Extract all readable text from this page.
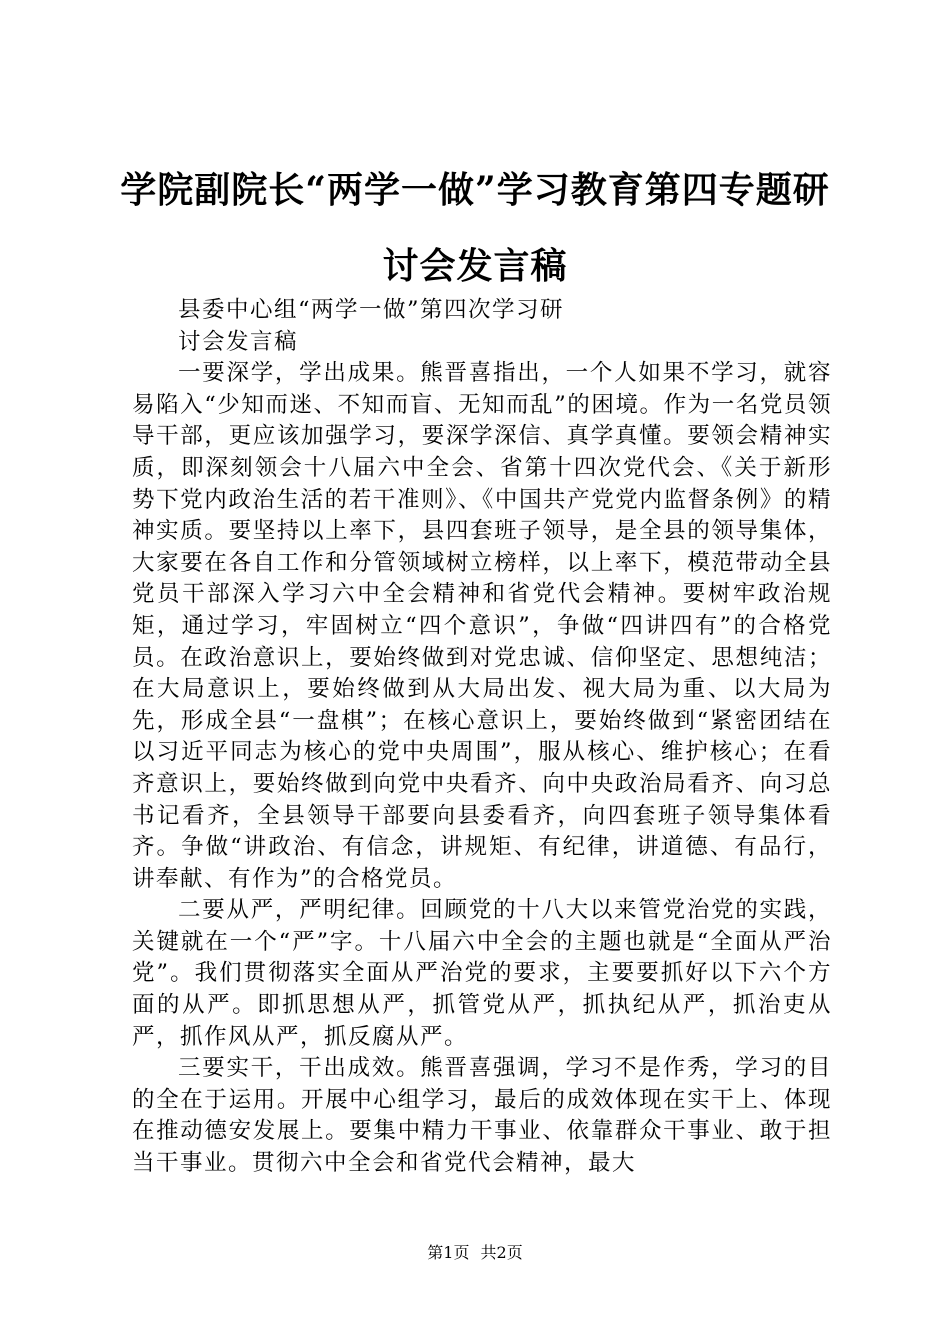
学院副院长“两学一做”学习教育第四专题研
讨会发言稿

县委中心组“两学一做”第四次学习研

讨会发言稿

一要深学，学出成果。熊晋喜指出，一个人如果不学习，就容易陷入“少知而迷、不知而盲、无知而乱”的困境。作为一名党员领导干部，更应该加强学习，要深学深信、真学真懂。要领会精神实质，即深刻领会十八届六中全会、省第十四次党代会、《关于新形势下党内政治生活的若干准则》、《中国共产党党内监督条例》的精神实质。要坚持以上率下，县四套班子领导，是全县的领导集体，大家要在各自工作和分管领域树立榜样，以上率下，模范带动全县党员干部深入学习六中全会精神和省党代会精神。要树牢政治规矩，通过学习，牢固树立“四个意识”，争做“四讲四有”的合格党员。在政治意识上，要始终做到对党忠诚、信仰坚定、思想纯洁；在大局意识上，要始终做到从大局出发、视大局为重、以大局为先，形成全县“一盘棋”；在核心意识上，要始终做到“紧密团结在以习近平同志为核心的党中央周围”，服从核心、维护核心；在看齐意识上，要始终做到向党中央看齐、向中央政治局看齐、向习总书记看齐，全县领导干部要向县委看齐，向四套班子领导集体看齐。争做“讲政治、有信念，讲规矩、有纪律，讲道德、有品行，讲奉献、有作为”的合格党员。

二要从严，严明纪律。回顾党的十八大以来管党治党的实践，关键就在一个“严”字。十八届六中全会的主题也就是“全面从严治党”。我们贯彻落实全面从严治党的要求，主要要抓好以下六个方面的从严。即抓思想从严，抓管党从严，抓执纪从严，抓治吏从严，抓作风从严，抓反腐从严。

三要实干，干出成效。熊晋喜强调，学习不是作秀，学习的目的全在于运用。开展中心组学习，最后的成效体现在实干上、体现在推动德安发展上。要集中精力干事业、依靠群众干事业、敢于担当干事业。贯彻六中全会和省党代会精神，最大

第1页 共2页
